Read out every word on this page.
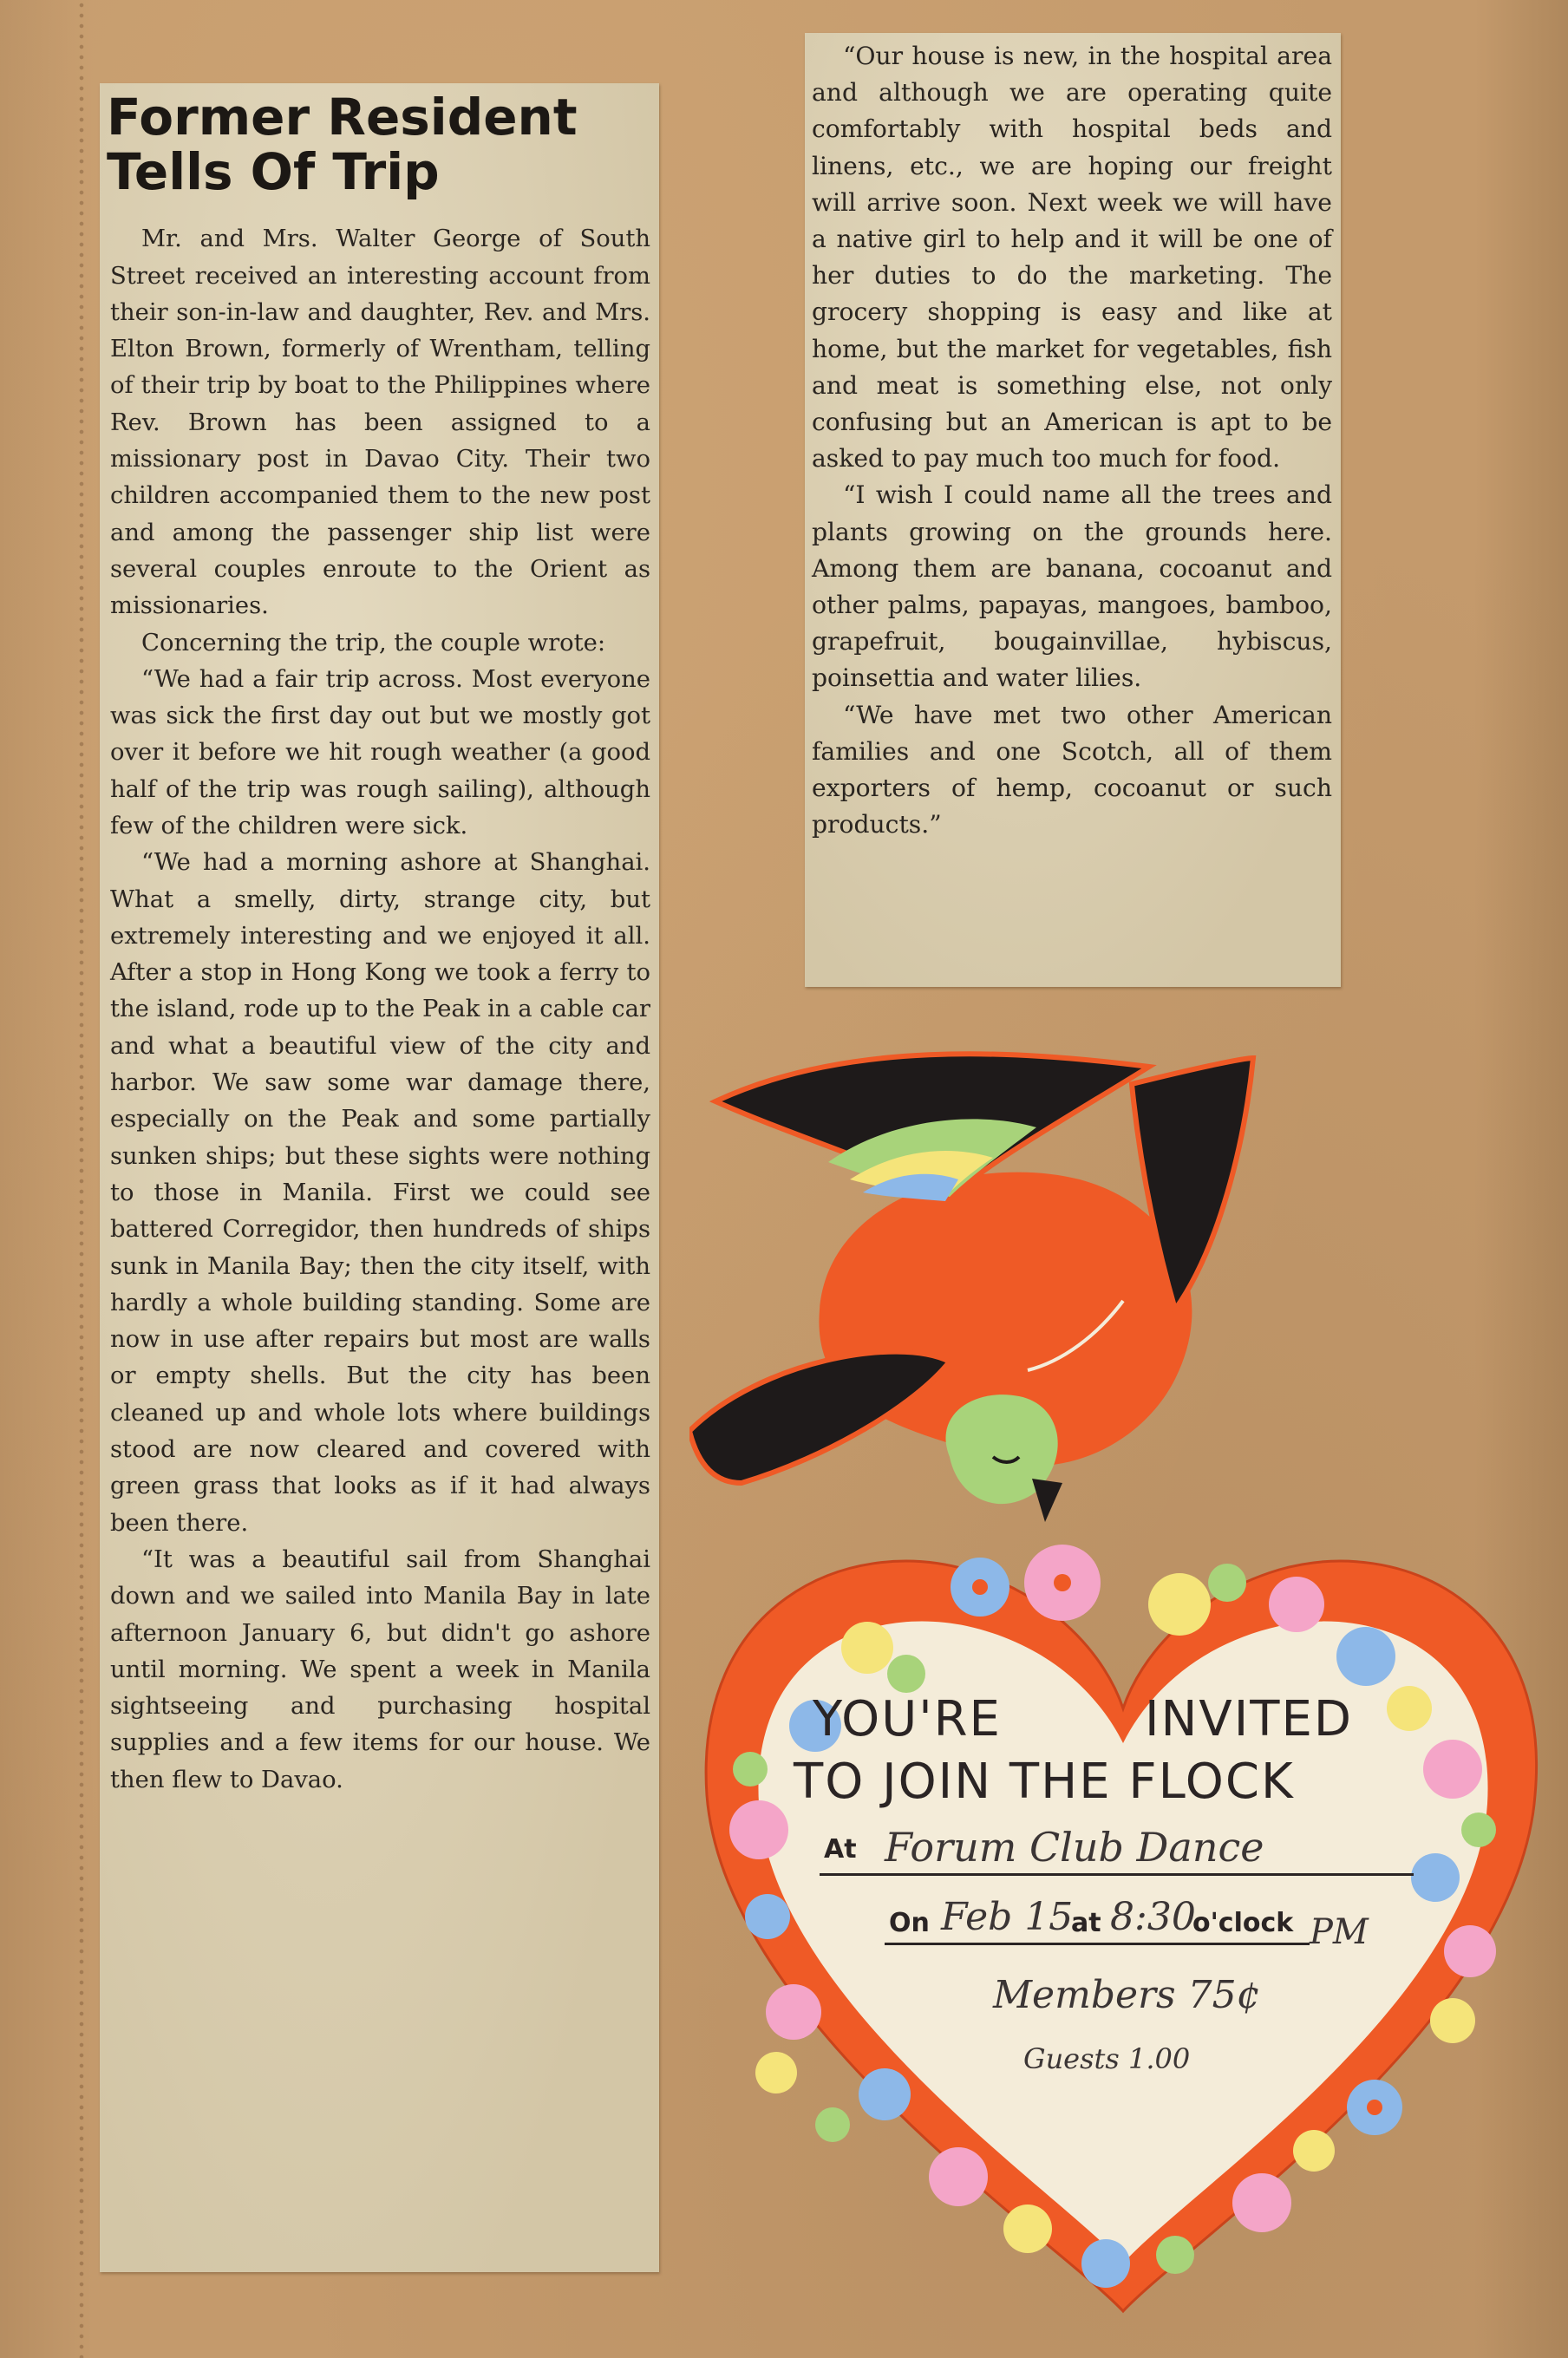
Former Resident Tells Of Trip

Mr. and Mrs. Walter George of South Street received an interesting account from their son-in-law and daughter, Rev. and Mrs. Elton Brown, formerly of Wrentham, telling of their trip by boat to the Philippines where Rev. Brown has been assigned to a missionary post in Davao City. Their two children accompanied them to the new post and among the passenger ship list were several couples enroute to the Orient as missionaries.

Concerning the trip, the couple wrote:

“We had a fair trip across. Most everyone was sick the first day out but we mostly got over it before we hit rough weather (a good half of the trip was rough sailing), although few of the children were sick.

“We had a morning ashore at Shanghai. What a smelly, dirty, strange city, but extremely interesting and we enjoyed it all. After a stop in Hong Kong we took a ferry to the island, rode up to the Peak in a cable car and what a beautiful view of the city and harbor. We saw some war damage there, especially on the Peak and some partially sunken ships; but these sights were nothing to those in Manila. First we could see battered Corregidor, then hundreds of ships sunk in Manila Bay; then the city itself, with hardly a whole building standing. Some are now in use after repairs but most are walls or empty shells. But the city has been cleaned up and whole lots where buildings stood are now cleared and covered with green grass that looks as if it had always been there.

“It was a beautiful sail from Shanghai down and we sailed into Manila Bay in late afternoon January 6, but didn't go ashore until morning. We spent a week in Manila sightseeing and purchasing hospital supplies and a few items for our house. We then flew to Davao.

“Our house is new, in the hospital area and although we are operating quite comfortably with hospital beds and linens, etc., we are hoping our freight will arrive soon. Next week we will have a native girl to help and it will be one of her duties to do the marketing. The grocery shopping is easy and like at home, but the market for vegetables, fish and meat is something else, not only confusing but an American is apt to be asked to pay much too much for food.

“I wish I could name all the trees and plants growing on the grounds here. Among them are banana, cocoanut and other palms, papayas, mangoes, bamboo, grapefruit, bougainvillae, hybiscus, poinsettia and water lilies.

“We have met two other American families and one Scotch, all of them exporters of hemp, cocoanut or such products.”

YOU'RE	INVITED
TO JOIN THE FLOCK
At Forum Club Dance
On Feb 15
at 8:30
o'clock PM
Members 75¢
Guests 1.00
